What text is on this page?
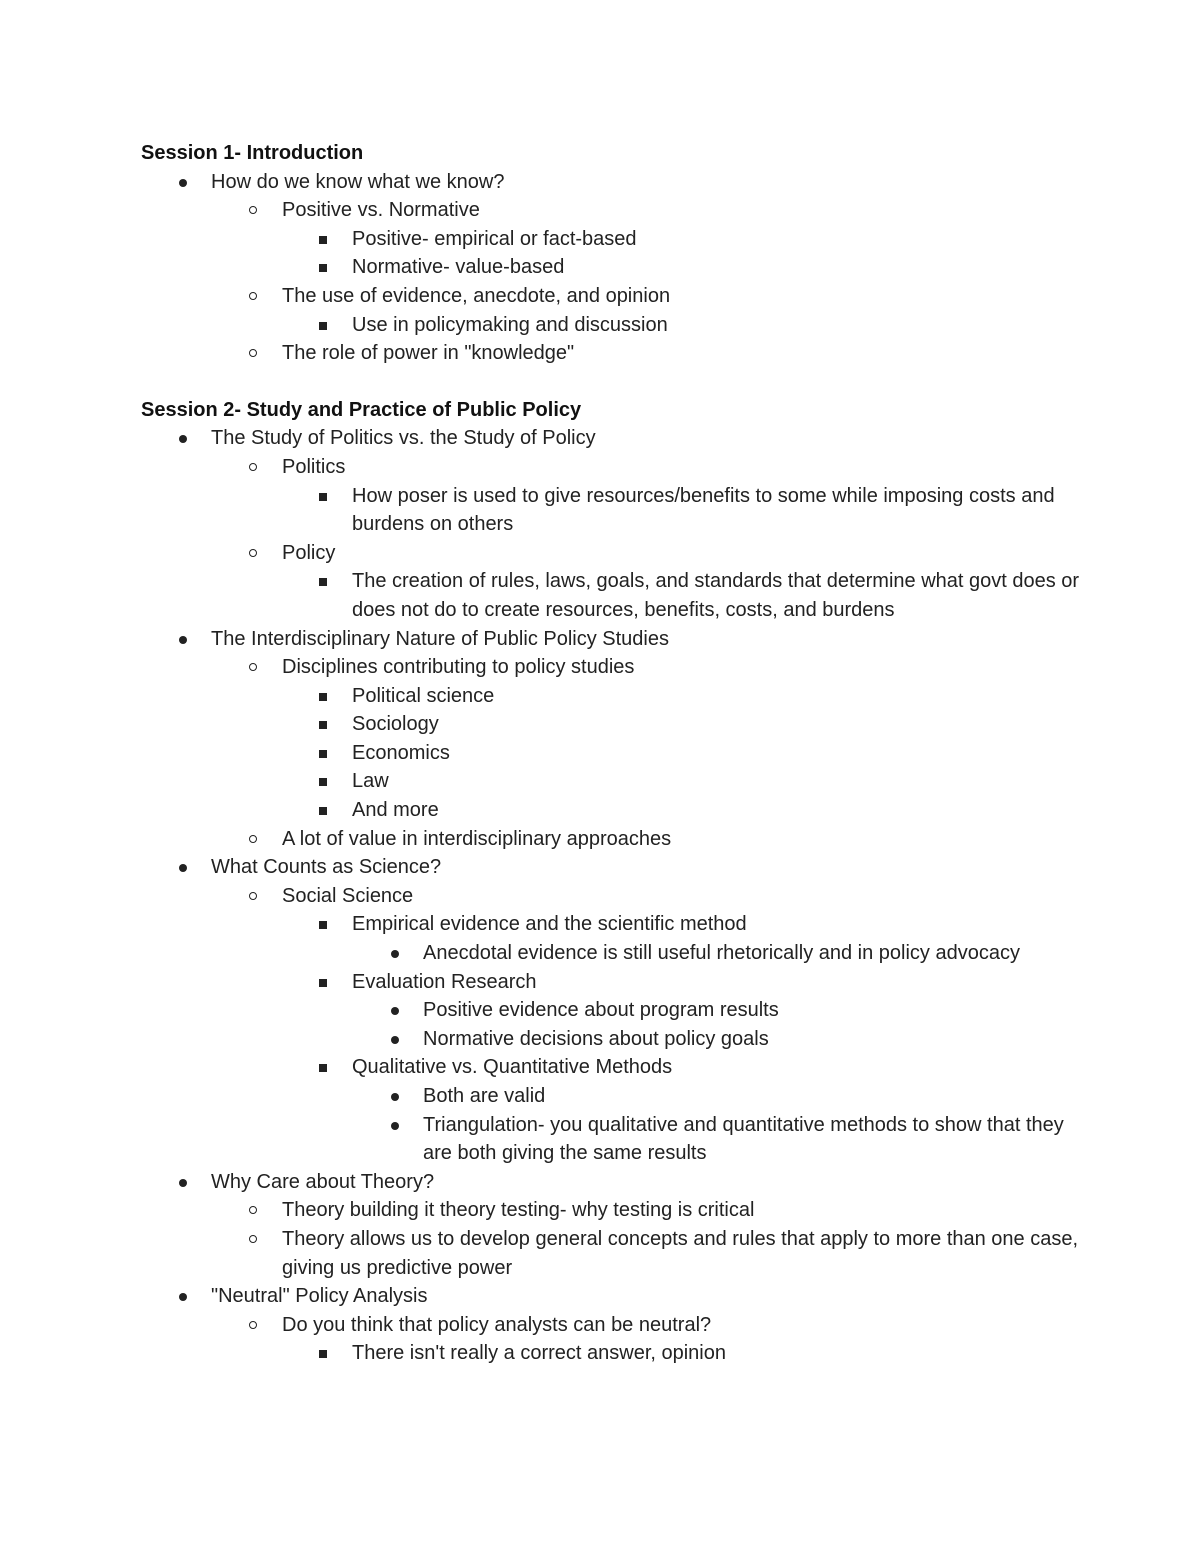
Session 1- Introduction

How do we know what we know?
Positive vs. Normative
Positive- empirical or fact-based
Normative- value-based
The use of evidence, anecdote, and opinion
Use in policymaking and discussion
The role of power in "knowledge"

Session 2- Study and Practice of Public Policy

The Study of Politics vs. the Study of Policy
Politics
How poser is used to give resources/benefits to some while imposing costs and burdens on others
Policy
The creation of rules, laws, goals, and standards that determine what govt does or does not do to create resources, benefits, costs, and burdens
The Interdisciplinary Nature of Public Policy Studies
Disciplines contributing to policy studies
Political science
Sociology
Economics
Law
And more
A lot of value in interdisciplinary approaches
What Counts as Science?
Social Science
Empirical evidence and the scientific method
Anecdotal evidence is still useful rhetorically and in policy advocacy
Evaluation Research
Positive evidence about program results
Normative decisions about policy goals
Qualitative vs. Quantitative Methods
Both are valid
Triangulation- you qualitative and quantitative methods to show that they are both giving the same results
Why Care about Theory?
Theory building it theory testing- why testing is critical
Theory allows us to develop general concepts and rules that apply to more than one case, giving us predictive power
"Neutral" Policy Analysis
Do you think that policy analysts can be neutral?
There isn't really a correct answer, opinion
